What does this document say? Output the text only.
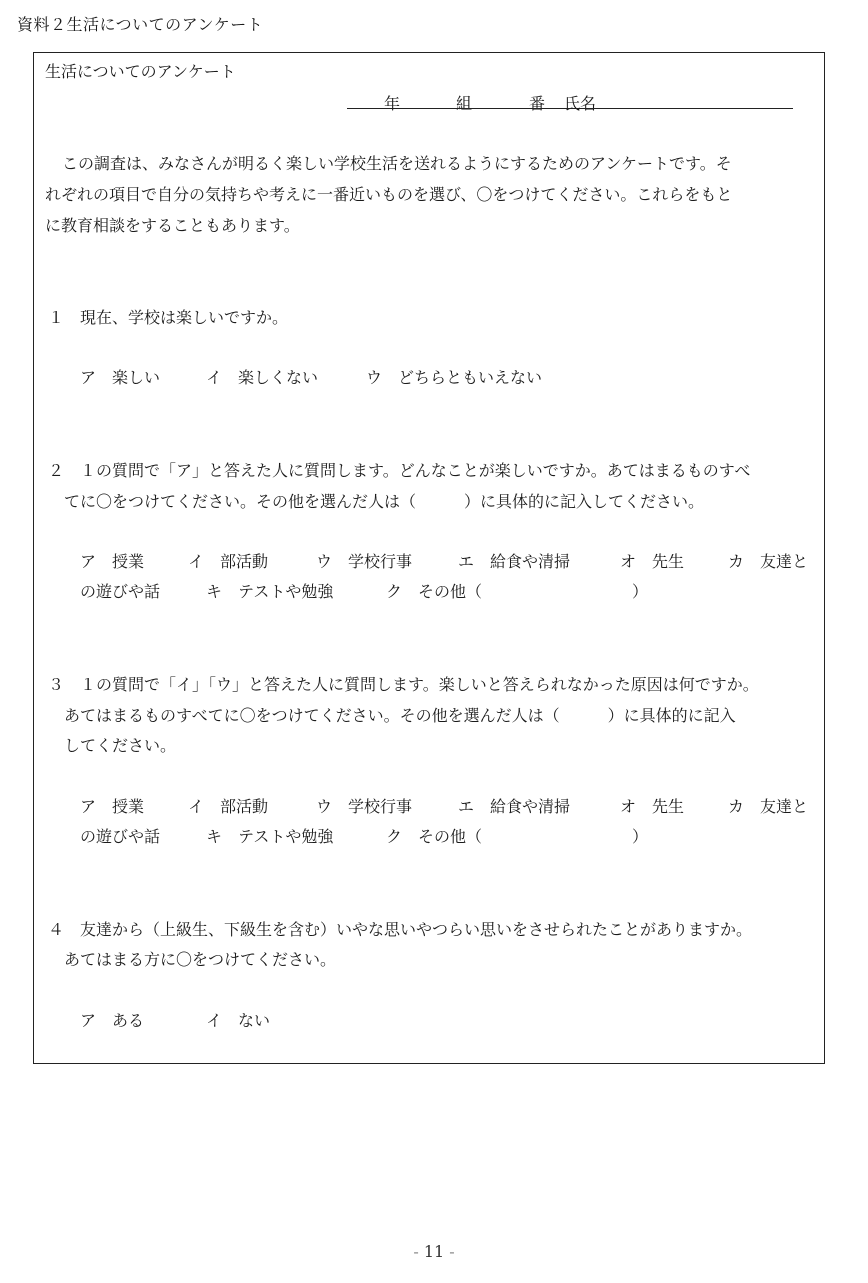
資料２生活についてのアンケート
生活についてのアンケート
年	組	番 氏名
この調査は、みなさんが明るく楽しい学校生活を送れるようにするためのアンケートです。そ
れぞれの項目で自分の気持ちや考えに一番近いものを選び、〇をつけてください。これらをもと
に教育相談をすることもあります。
１　現在、学校は楽しいですか。
ア　楽しい	イ　楽しくない	ウ　どちらともいえない
２　１の質問で「ア」と答えた人に質問します。どんなことが楽しいですか。あてはまるものすべ
てに〇をつけてください。その他を選んだ人は（　　　）に具体的に記入してください。
ア　授業	イ　部活動	ウ　学校行事	エ　給食や清掃	オ　先生	カ　友達と
の遊びや話	キ　テストや勉強	ク　その他（	）
３　１の質問で「イ」「ウ」と答えた人に質問します。楽しいと答えられなかった原因は何ですか。
あてはまるものすべてに〇をつけてください。その他を選んだ人は（　　　）に具体的に記入
してください。
ア　授業	イ　部活動	ウ　学校行事	エ　給食や清掃	オ　先生	カ　友達と
の遊びや話	キ　テストや勉強	ク　その他（	）
４　友達から（上級生、下級生を含む）いやな思いやつらい思いをさせられたことがありますか。
あてはまる方に〇をつけてください。
ア　ある	イ　ない
- 11 -
